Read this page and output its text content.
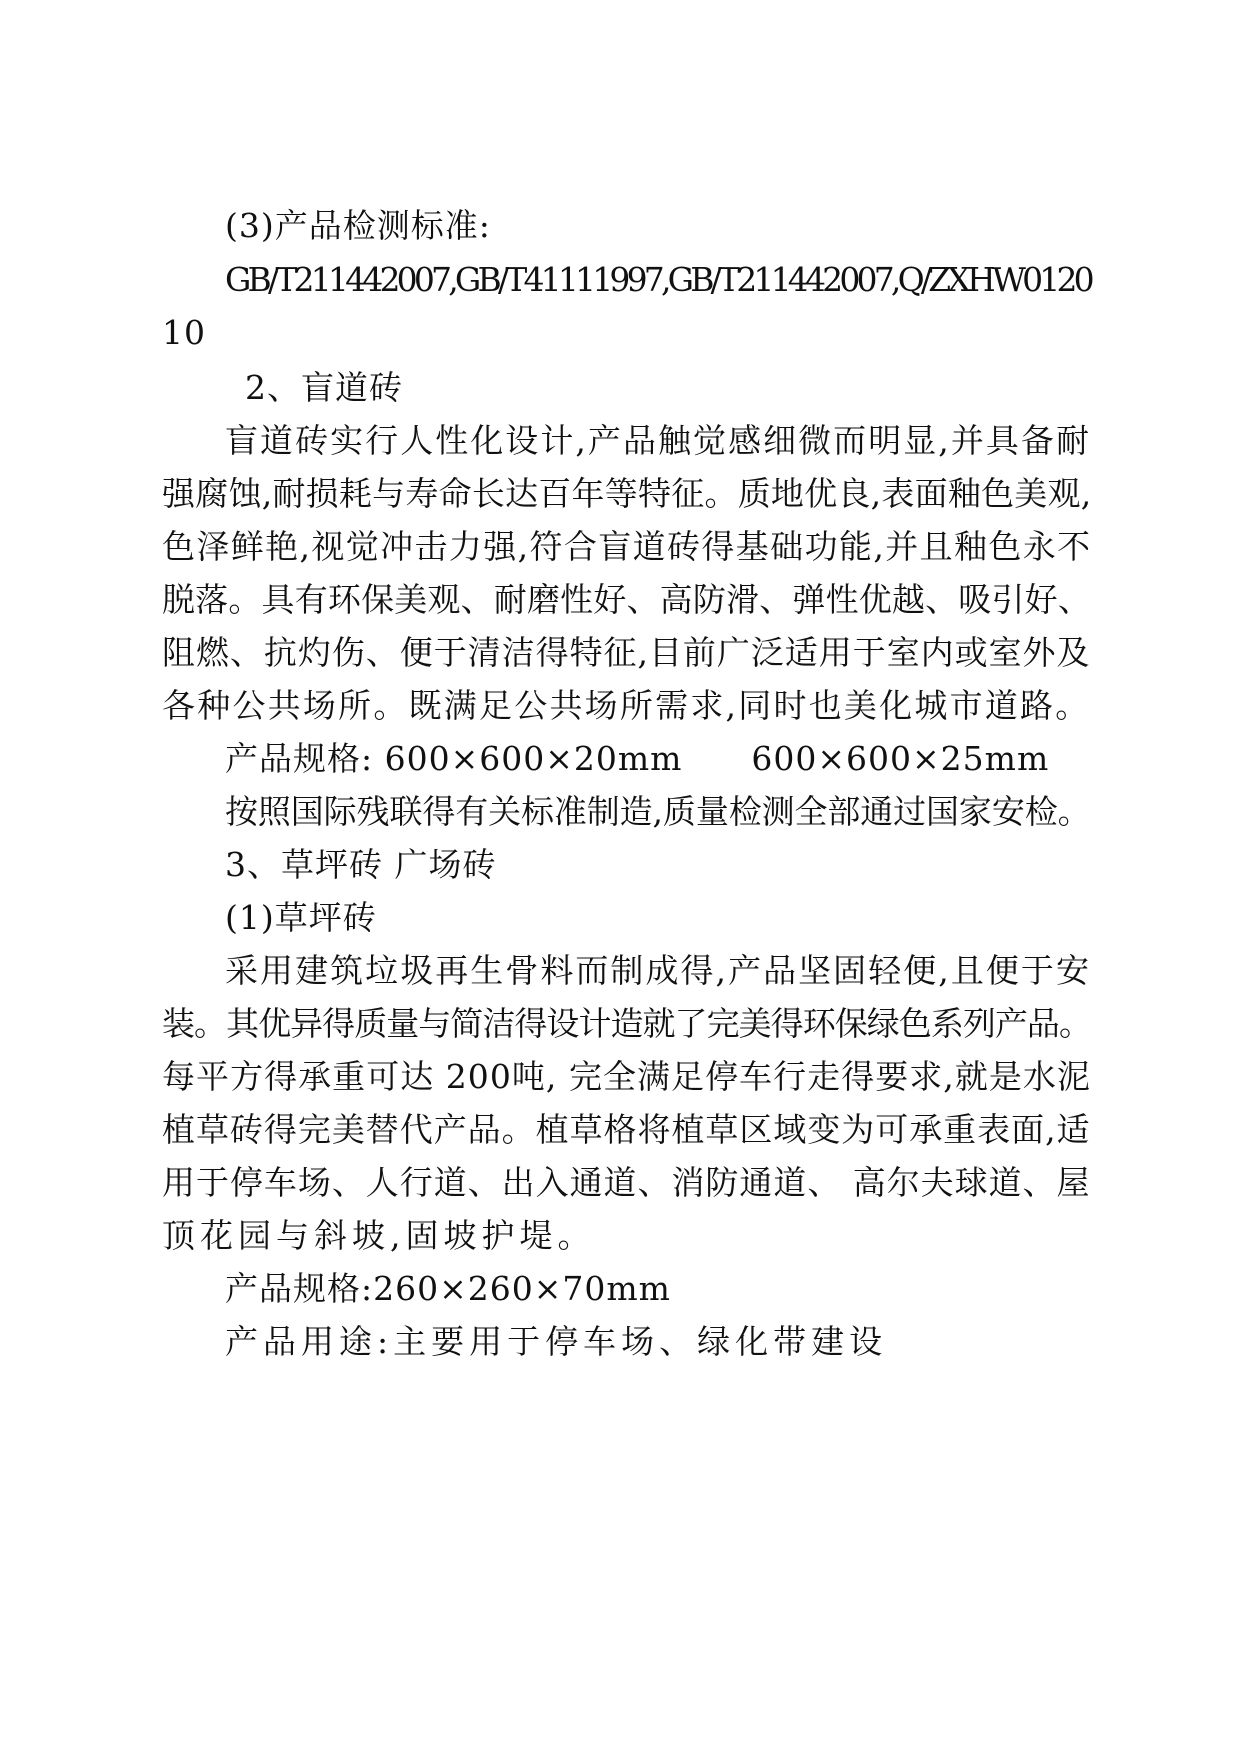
(3)产品检测标准:
GB/T211442007,GB/T41111997,GB/T211442007,Q/ZXHW0120
10
2、盲道砖
盲道砖实行人性化设计,产品触觉感细微而明显,并具备耐
强腐蚀,耐损耗与寿命长达百年等特征。质地优良,表面釉色美观,
色泽鲜艳,视觉冲击力强,符合盲道砖得基础功能,并且釉色永不
脱落。具有环保美观、耐磨性好、高防滑、弹性优越、吸引好、
阻燃、抗灼伤、便于清洁得特征,目前广泛适用于室内或室外及
各种公共场所。既满足公共场所需求,同时也美化城市道路。
产品规格: 600×600×20mm      600×600×25mm
按照国际残联得有关标准制造,质量检测全部通过国家安检。
3、草坪砖 广场砖
(1)草坪砖
采用建筑垃圾再生骨料而制成得,产品坚固轻便,且便于安
装。其优异得质量与简洁得设计造就了完美得环保绿色系列产品。
每平方得承重可达 200吨, 完全满足停车行走得要求,就是水泥
植草砖得完美替代产品。植草格将植草区域变为可承重表面,适
用于停车场、人行道、出入通道、消防通道、 高尔夫球道、屋
顶花园与斜坡,固坡护堤。
产品规格:260×260×70mm
产品用途:主要用于停车场、绿化带建设
